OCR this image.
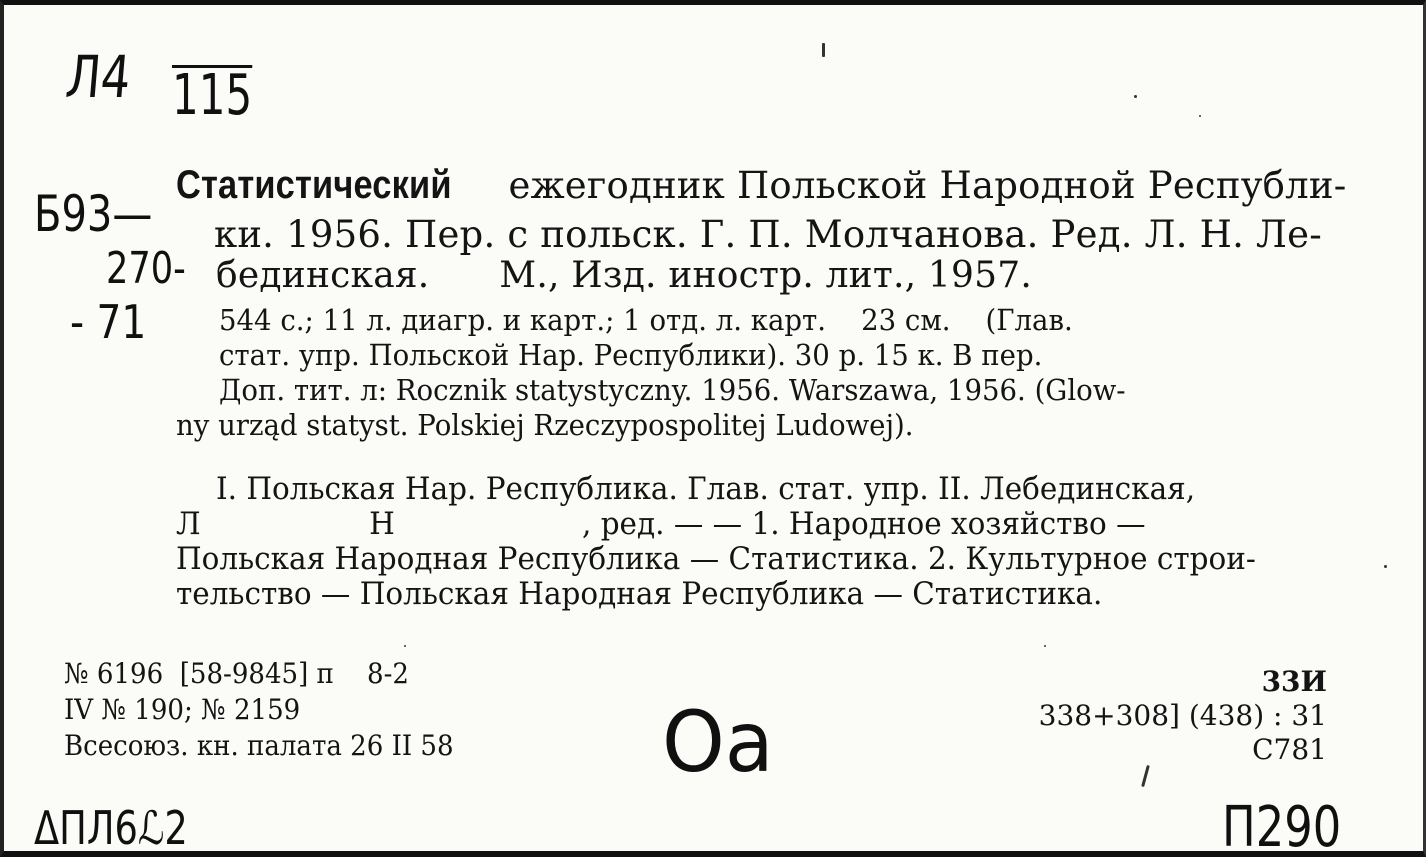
Л4 115
Б93—
270-
- 71
Статистический ежегодник Польской Народной Республи-
ки. 1956. Пер. с польск. Г. П. Молчанова. Ред. Л. Н. Ле-
бединская.      М., Изд. иностр. лит., 1957.
544 с.; 11 л. диагр. и карт.; 1 отд. л. карт.    23 см.    (Глав.
стат. упр. Польской Нар. Республики). 30 р. 15 к. В пер.
Доп. тит. л: Rocznik statystyczny. 1956. Warszawa, 1956. (Glow-
ny urząd statyst. Polskiej Rzeczypospolitej Ludowej).
I. Польская Нар. Республика. Глав. стат. упр. II. Лебединская,
Л                  Н                    , ред. — — 1. Народное хозяйство —
Польская Народная Республика — Статистика. 2. Культурное строи-
тельство — Польская Народная Республика — Статистика.
№ 6196  [58-9845] п    8-2
IV № 190; № 2159
Всесоюз. кн. палата 26 II 58
33И
338+308] (438) : 31
С781
Оа
ΔПЛ6ℒ2	П290
